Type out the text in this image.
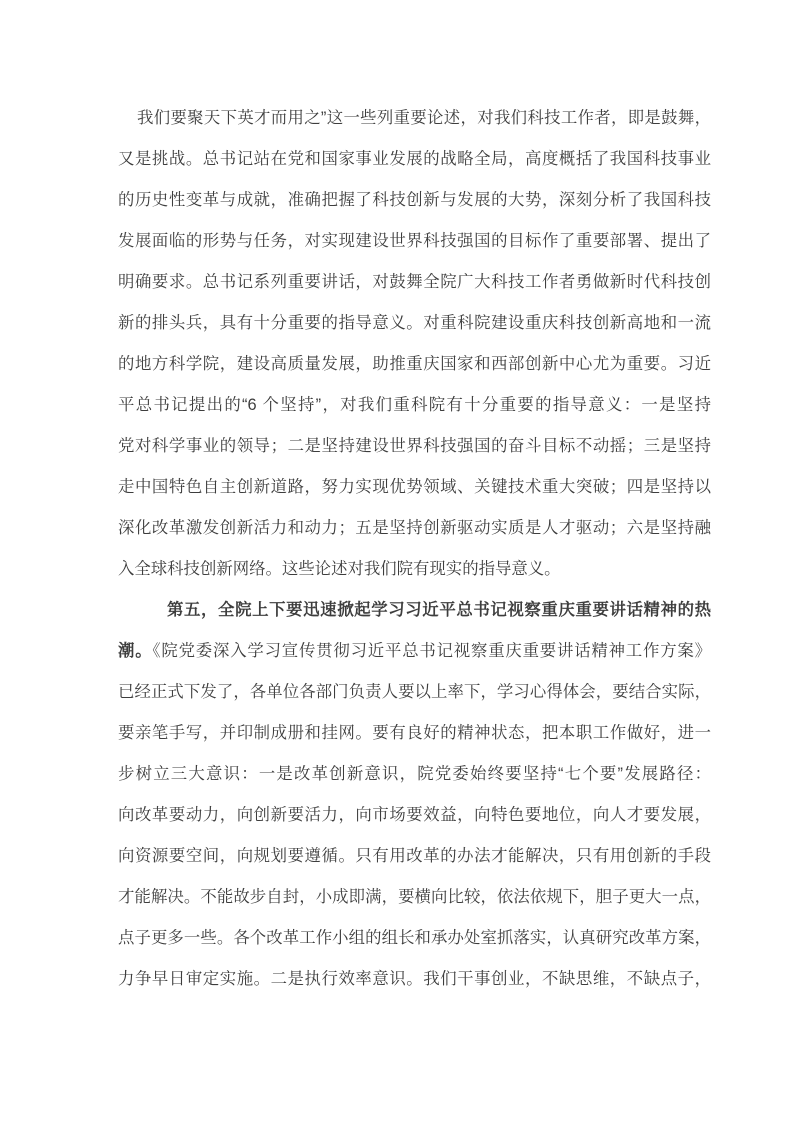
我们要聚天下英才而用之”这一些列重要论述，对我们科技工作者，即是鼓舞，
又是挑战。总书记站在党和国家事业发展的战略全局，高度概括了我国科技事业
的历史性变革与成就，准确把握了科技创新与发展的大势，深刻分析了我国科技
发展面临的形势与任务，对实现建设世界科技强国的目标作了重要部署、提出了
明确要求。总书记系列重要讲话，对鼓舞全院广大科技工作者勇做新时代科技创
新的排头兵，具有十分重要的指导意义。对重科院建设重庆科技创新高地和一流
的地方科学院，建设高质量发展，助推重庆国家和西部创新中心尤为重要。习近
平总书记提出的“6 个坚持”，对我们重科院有十分重要的指导意义：一是坚持
党对科学事业的领导；二是坚持建设世界科技强国的奋斗目标不动摇；三是坚持
走中国特色自主创新道路，努力实现优势领域、关键技术重大突破；四是坚持以
深化改革激发创新活力和动力；五是坚持创新驱动实质是人才驱动；六是坚持融
入全球科技创新网络。这些论述对我们院有现实的指导意义。
第五，全院上下要迅速掀起学习习近平总书记视察重庆重要讲话精神的热
潮。《院党委深入学习宣传贯彻习近平总书记视察重庆重要讲话精神工作方案》
已经正式下发了，各单位各部门负责人要以上率下，学习心得体会，要结合实际，
要亲笔手写，并印制成册和挂网。要有良好的精神状态，把本职工作做好，进一
步树立三大意识：一是改革创新意识，院党委始终要坚持“七个要”发展路径：
向改革要动力，向创新要活力，向市场要效益，向特色要地位，向人才要发展，
向资源要空间，向规划要遵循。只有用改革的办法才能解决，只有用创新的手段
才能解决。不能故步自封，小成即满，要横向比较，依法依规下，胆子更大一点，
点子更多一些。各个改革工作小组的组长和承办处室抓落实，认真研究改革方案，
力争早日审定实施。二是执行效率意识。我们干事创业，不缺思维，不缺点子，
